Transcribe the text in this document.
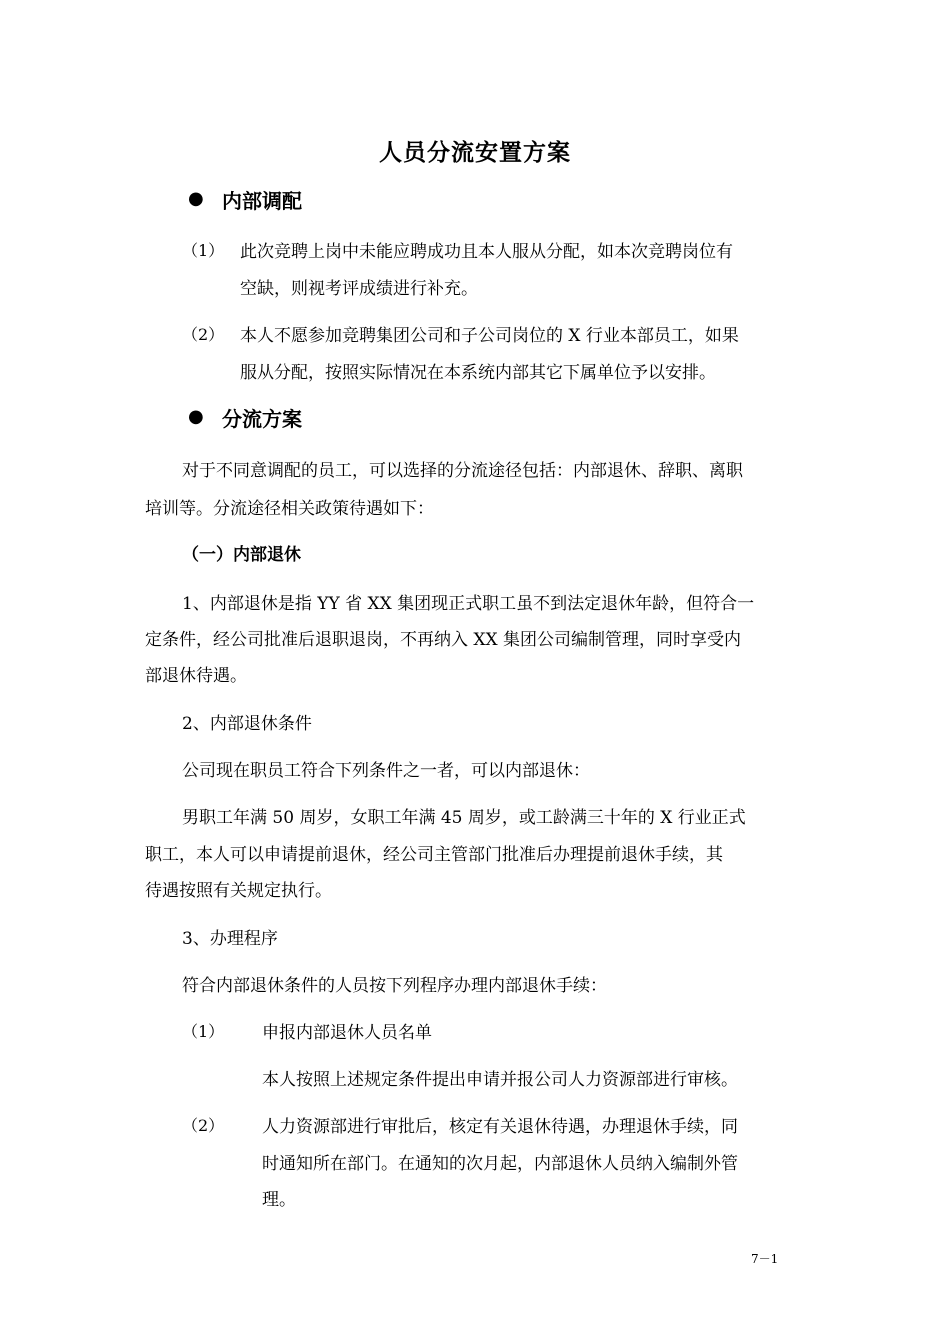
人员分流安置方案
● 内部调配
（1） 此次竞聘上岗中未能应聘成功且本人服从分配，如本次竞聘岗位有
空缺，则视考评成绩进行补充。
（2） 本人不愿参加竞聘集团公司和子公司岗位的 X 行业本部员工，如果
服从分配，按照实际情况在本系统内部其它下属单位予以安排。
● 分流方案
对于不同意调配的员工，可以选择的分流途径包括：内部退休、辞职、离职
培训等。分流途径相关政策待遇如下：
（一）内部退休
1、内部退休是指 YY 省 XX 集团现正式职工虽不到法定退休年龄，但符合一
定条件，经公司批准后退职退岗，不再纳入 XX 集团公司编制管理，同时享受内
部退休待遇。
2、内部退休条件
公司现在职员工符合下列条件之一者，可以内部退休：
男职工年满 50 周岁，女职工年满 45 周岁，或工龄满三十年的 X 行业正式
职工，本人可以申请提前退休，经公司主管部门批准后办理提前退休手续，其
待遇按照有关规定执行。
3、办理程序
符合内部退休条件的人员按下列程序办理内部退休手续：
（1） 申报内部退休人员名单
本人按照上述规定条件提出申请并报公司人力资源部进行审核。
（2） 人力资源部进行审批后，核定有关退休待遇，办理退休手续，同
时通知所在部门。在通知的次月起，内部退休人员纳入编制外管
理。
7－1
